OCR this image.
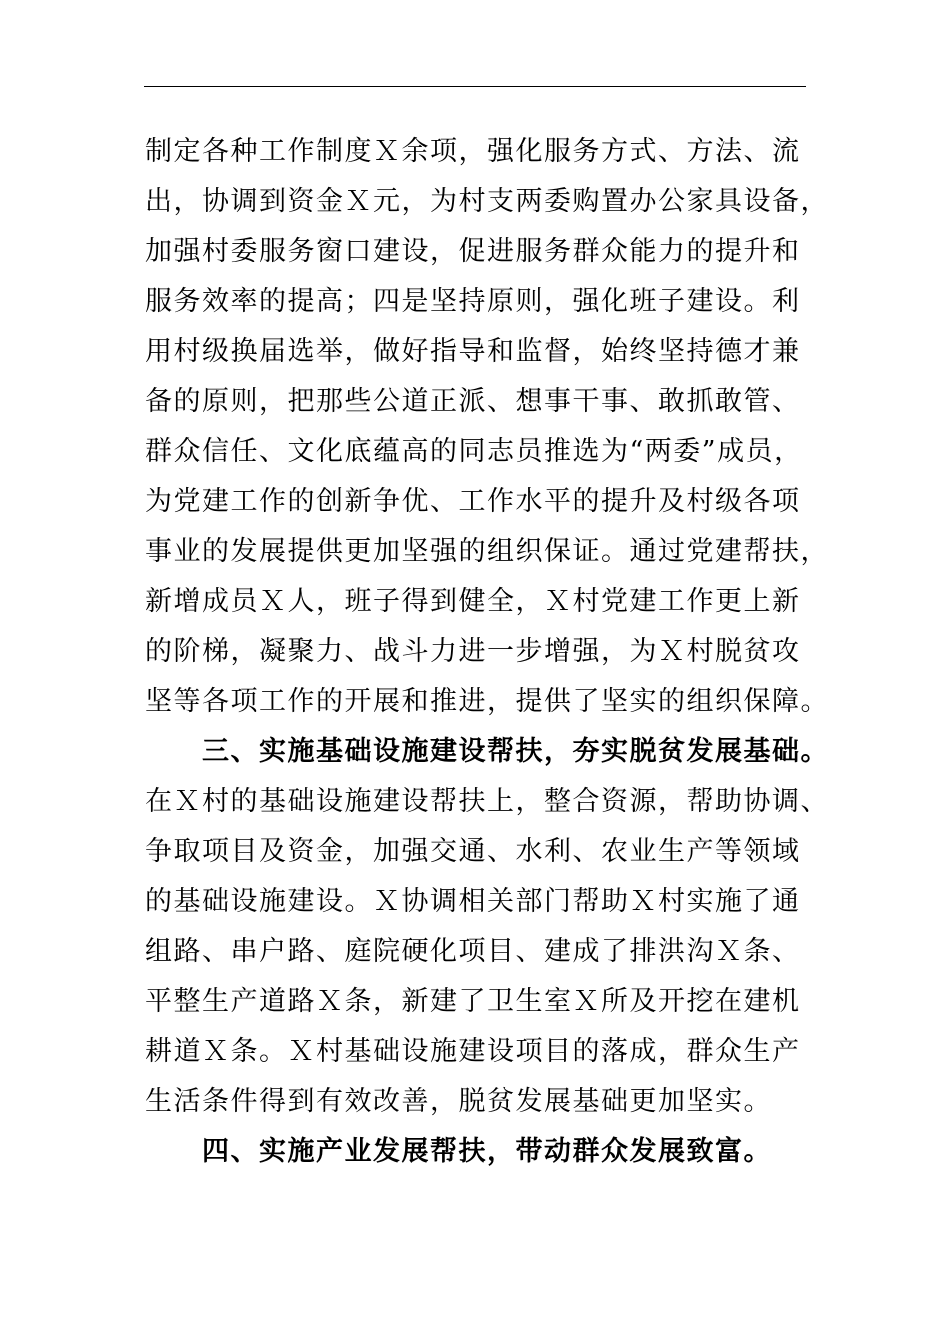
制定各种工作制度Ｘ余项，强化服务方式、方法、流
出，协调到资金Ｘ元，为村支两委购置办公家具设备，
加强村委服务窗口建设，促进服务群众能力的提升和
服务效率的提高；四是坚持原则，强化班子建设。利
用村级换届选举，做好指导和监督，始终坚持德才兼
备的原则，把那些公道正派、想事干事、敢抓敢管、
群众信任、文化底蕴高的同志员推选为“两委”成员，
为党建工作的创新争优、工作水平的提升及村级各项
事业的发展提供更加坚强的组织保证。通过党建帮扶，
新增成员Ｘ人，班子得到健全，Ｘ村党建工作更上新
的阶梯，凝聚力、战斗力进一步增强，为Ｘ村脱贫攻
坚等各项工作的开展和推进，提供了坚实的组织保障。
三、实施基础设施建设帮扶，夯实脱贫发展基础。
在Ｘ村的基础设施建设帮扶上，整合资源，帮助协调、
争取项目及资金，加强交通、水利、农业生产等领域
的基础设施建设。Ｘ协调相关部门帮助Ｘ村实施了通
组路、串户路、庭院硬化项目、建成了排洪沟Ｘ条、
平整生产道路Ｘ条，新建了卫生室Ｘ所及开挖在建机
耕道Ｘ条。Ｘ村基础设施建设项目的落成，群众生产
生活条件得到有效改善，脱贫发展基础更加坚实。
四、实施产业发展帮扶，带动群众发展致富。
